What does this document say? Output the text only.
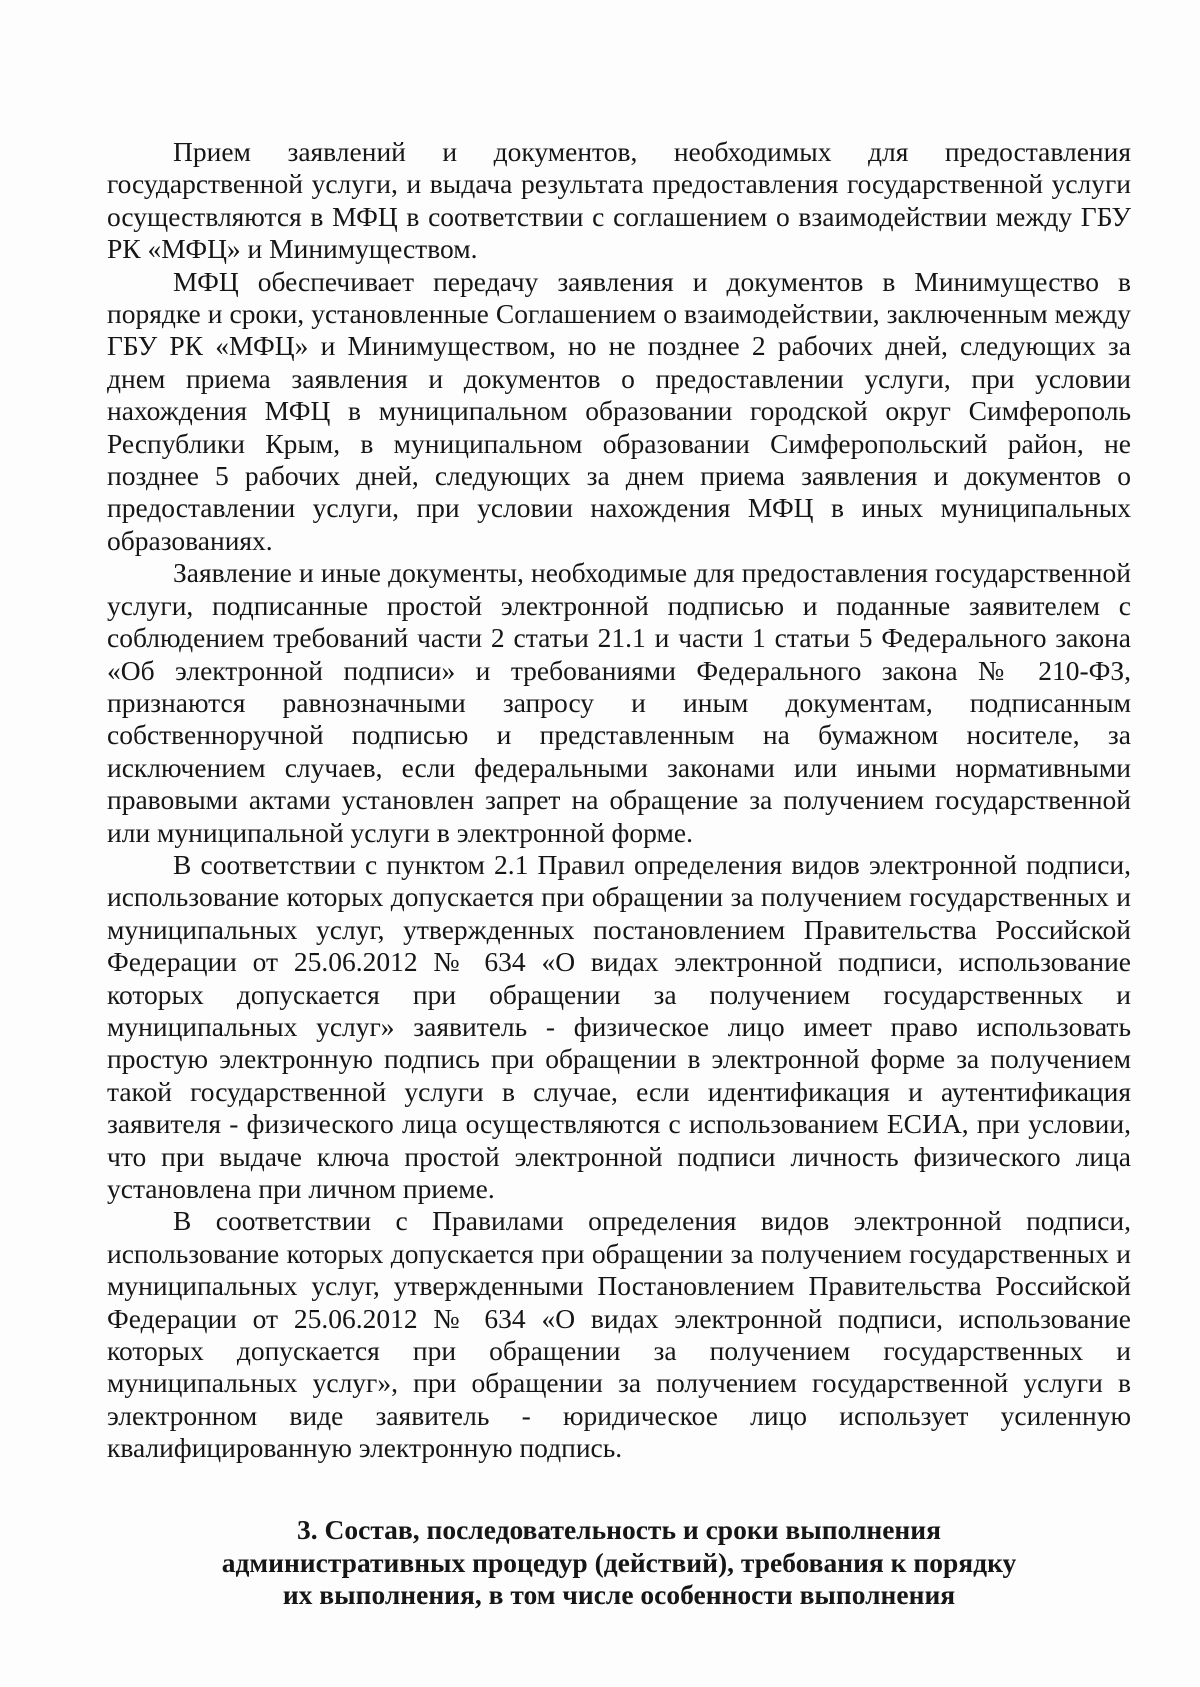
Прием заявлений и документов, необходимых для предоставления государственной услуги, и выдача результата предоставления государственной услуги осуществляются в МФЦ в соответствии с соглашением о взаимодействии между ГБУ РК «МФЦ» и Минимуществом.

МФЦ обеспечивает передачу заявления и документов в Минимущество в порядке и сроки, установленные Соглашением о взаимодействии, заключенным между ГБУ РК «МФЦ» и Минимуществом, но не позднее 2 рабочих дней, следующих за днем приема заявления и документов о предоставлении услуги, при условии нахождения МФЦ в муниципальном образовании городской округ Симферополь Республики Крым, в муниципальном образовании Симферопольский район, не позднее 5 рабочих дней, следующих за днем приема заявления и документов о предоставлении услуги, при условии нахождения МФЦ в иных муниципальных образованиях.

Заявление и иные документы, необходимые для предоставления государственной услуги, подписанные простой электронной подписью и поданные заявителем с соблюдением требований части 2 статьи 21.1 и части 1 статьи 5 Федерального закона «Об электронной подписи» и требованиями Федерального закона № 210-ФЗ, признаются равнозначными запросу и иным документам, подписанным собственноручной подписью и представленным на бумажном носителе, за исключением случаев, если федеральными законами или иными нормативными правовыми актами установлен запрет на обращение за получением государственной или муниципальной услуги в электронной форме.

В соответствии с пунктом 2.1 Правил определения видов электронной подписи, использование которых допускается при обращении за получением государственных и муниципальных услуг, утвержденных постановлением Правительства Российской Федерации от 25.06.2012 № 634 «О видах электронной подписи, использование которых допускается при обращении за получением государственных и муниципальных услуг» заявитель - физическое лицо имеет право использовать простую электронную подпись при обращении в электронной форме за получением такой государственной услуги в случае, если идентификация и аутентификация заявителя - физического лица осуществляются с использованием ЕСИА, при условии, что при выдаче ключа простой электронной подписи личность физического лица установлена при личном приеме.

В соответствии с Правилами определения видов электронной подписи, использование которых допускается при обращении за получением государственных и муниципальных услуг, утвержденными Постановлением Правительства Российской Федерации от 25.06.2012 № 634 «О видах электронной подписи, использование которых допускается при обращении за получением государственных и муниципальных услуг», при обращении за получением государственной услуги в электронном виде заявитель - юридическое лицо использует усиленную квалифицированную электронную подпись.

3. Состав, последовательность и сроки выполнения
административных процедур (действий), требования к порядку
их выполнения, в том числе особенности выполнения
